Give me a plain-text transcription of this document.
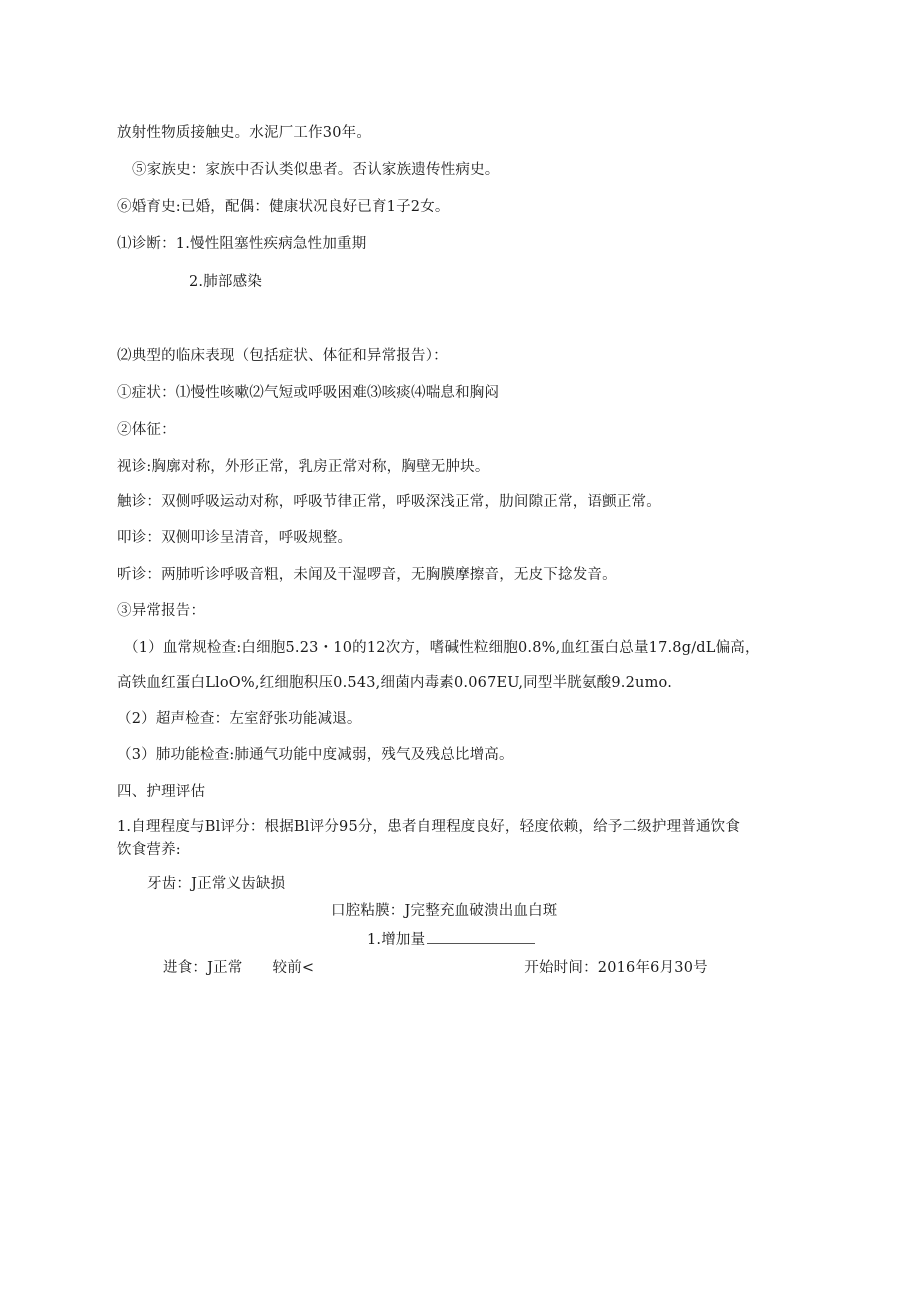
放射性物质接触史。水泥厂工作30年。
⑤家族史：家族中否认类似患者。否认家族遗传性病史。
⑥婚育史:已婚，配偶：健康状况良好已育1子2女。
⑴诊断：1.慢性阻塞性疾病急性加重期
2.肺部感染
⑵典型的临床表现（包括症状、体征和异常报告）：
①症状：⑴慢性咳嗽⑵气短或呼吸困难⑶咳痰⑷喘息和胸闷
②体征：
视诊:胸廓对称，外形正常，乳房正常对称，胸壁无肿块。
触诊：双侧呼吸运动对称，呼吸节律正常，呼吸深浅正常，肋间隙正常，语颤正常。
叩诊：双侧叩诊呈清音，呼吸规整。
听诊：两肺听诊呼吸音粗，未闻及干湿啰音，无胸膜摩擦音，无皮下捻发音。
③异常报告：
（1）血常规检查:白细胞5.23・10的12次方，嗜碱性粒细胞0.8%,血红蛋白总量17.8g∕dL偏高，
高铁血红蛋白LloO%,红细胞积压0.543,细菌内毒素0.067EU,同型半胱氨酸9.2umo.
（2）超声检查：左室舒张功能减退。
（3）肺功能检查:肺通气功能中度减弱，残气及残总比增高。
四、护理评估
1.自理程度与Bl评分：根据Bl评分95分，患者自理程度良好，轻度依赖，给予二级护理普通饮食
饮食营养:
牙齿：J正常义齿缺损
口腔粘膜：J完整充血破溃出血白斑
1.增加量
进食：J正常 较前<	开始时间：2016年6月30号
